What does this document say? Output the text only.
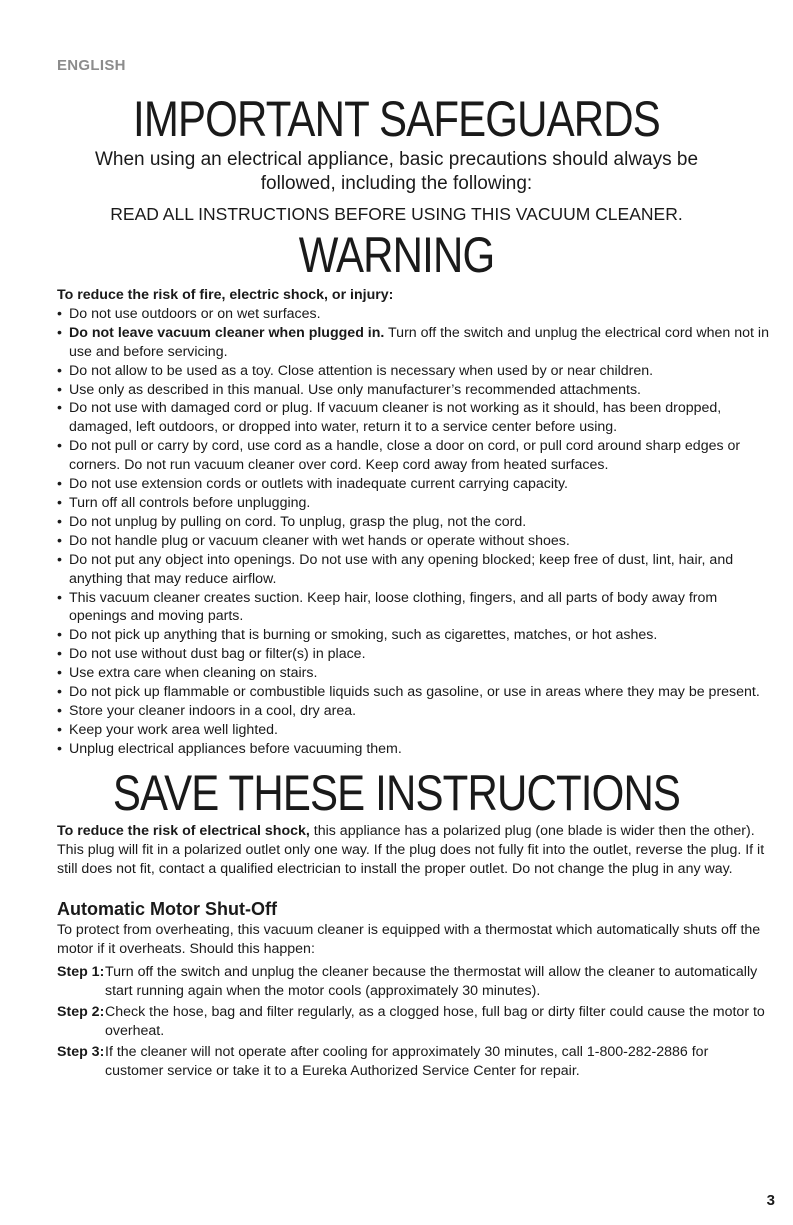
ENGLISH
IMPORTANT SAFEGUARDS
When using an electrical appliance, basic precautions should always be followed, including the following:
READ ALL INSTRUCTIONS BEFORE USING THIS VACUUM CLEANER.
WARNING

To reduce the risk of fire, electric shock, or injury:

• Do not use outdoors or on wet surfaces.
• Do not leave vacuum cleaner when plugged in. Turn off the switch and unplug the electrical cord when not in use and before servicing.
• Do not allow to be used as a toy. Close attention is necessary when used by or near children.
• Use only as described in this manual. Use only manufacturer’s recommended attachments.
• Do not use with damaged cord or plug. If vacuum cleaner is not working as it should, has been dropped, damaged, left outdoors, or dropped into water, return it to a service center before using.
• Do not pull or carry by cord, use cord as a handle, close a door on cord, or pull cord around sharp edges or corners. Do not run vacuum cleaner over cord. Keep cord away from heated surfaces.
• Do not use extension cords or outlets with inadequate current carrying capacity.
• Turn off all controls before unplugging.
• Do not unplug by pulling on cord. To unplug, grasp the plug, not the cord.
• Do not handle plug or vacuum cleaner with wet hands or operate without shoes.
• Do not put any object into openings. Do not use with any opening blocked; keep free of dust, lint, hair, and anything that may reduce airflow.
• This vacuum cleaner creates suction. Keep hair, loose clothing, fingers, and all parts of body away from openings and moving parts.
• Do not pick up anything that is burning or smoking, such as cigarettes, matches, or hot ashes.
• Do not use without dust bag or filter(s) in place.
• Use extra care when cleaning on stairs.
• Do not pick up flammable or combustible liquids such as gasoline, or use in areas where they may be present.
• Store your cleaner indoors in a cool, dry area.
• Keep your work area well lighted.
• Unplug electrical appliances before vacuuming them.
SAVE THESE INSTRUCTIONS

To reduce the risk of electrical shock, this appliance has a polarized plug (one blade is wider then the other). This plug will fit in a polarized outlet only one way. If the plug does not fully fit into the outlet, reverse the plug. If it still does not fit, contact a qualified electrician to install the proper outlet. Do not change the plug in any way.

Automatic Motor Shut-Off
To protect from overheating, this vacuum cleaner is equipped with a thermostat which automatically shuts off the motor if it overheats. Should this happen:
Step 1: Turn off the switch and unplug the cleaner because the thermostat will allow the cleaner to automatically start running again when the motor cools (approximately 30 minutes).
Step 2: Check the hose, bag and filter regularly, as a clogged hose, full bag or dirty filter could cause the motor to overheat.
Step 3: If the cleaner will not operate after cooling for approximately 30 minutes, call 1-800-282-2886 for customer service or take it to a Eureka Authorized Service Center for repair.
3
